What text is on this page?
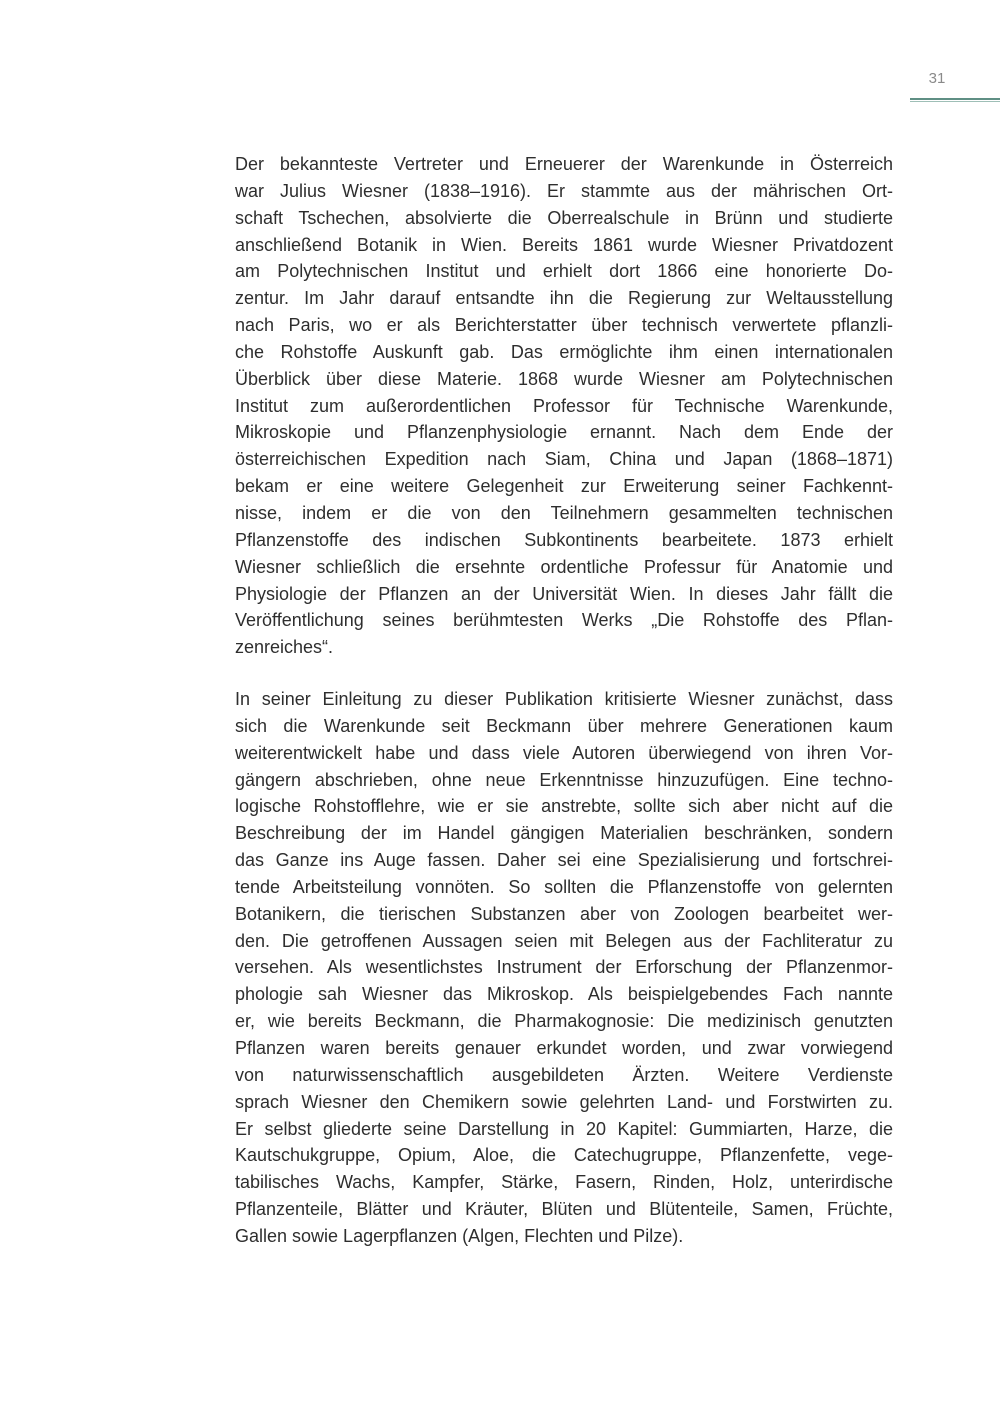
31
Der bekannteste Vertreter und Erneuerer der Warenkunde in Österreich
war Julius Wiesner (1838–1916). Er stammte aus der mährischen Ort-
schaft Tschechen, absolvierte die Oberrealschule in Brünn und studierte
anschließend Botanik in Wien. Bereits 1861 wurde Wiesner Privatdozent
am Polytechnischen Institut und erhielt dort 1866 eine honorierte Do-
zentur. Im Jahr darauf entsandte ihn die Regierung zur Weltausstellung
nach Paris, wo er als Berichterstatter über technisch verwertete pflanzli-
che Rohstoffe Auskunft gab. Das ermöglichte ihm einen internationalen
Überblick über diese Materie. 1868 wurde Wiesner am Polytechnischen
Institut zum außerordentlichen Professor für Technische Warenkunde,
Mikroskopie und Pflanzenphysiologie ernannt. Nach dem Ende der
österreichischen Expedition nach Siam, China und Japan (1868–1871)
bekam er eine weitere Gelegenheit zur Erweiterung seiner Fachkennt-
nisse, indem er die von den Teilnehmern gesammelten technischen
Pflanzenstoffe des indischen Subkontinents bearbeitete. 1873 erhielt
Wiesner schließlich die ersehnte ordentliche Professur für Anatomie und
Physiologie der Pflanzen an der Universität Wien. In dieses Jahr fällt die
Veröffentlichung seines berühmtesten Werks „Die Rohstoffe des Pflan-
zenreiches“.
In seiner Einleitung zu dieser Publikation kritisierte Wiesner zunächst, dass
sich die Warenkunde seit Beckmann über mehrere Generationen kaum
weiterentwickelt habe und dass viele Autoren überwiegend von ihren Vor-
gängern abschrieben, ohne neue Erkenntnisse hinzuzufügen. Eine techno-
logische Rohstofflehre, wie er sie anstrebte, sollte sich aber nicht auf die
Beschreibung der im Handel gängigen Materialien beschränken, sondern
das Ganze ins Auge fassen. Daher sei eine Spezialisierung und fortschrei-
tende Arbeitsteilung vonnöten. So sollten die Pflanzenstoffe von gelernten
Botanikern, die tierischen Substanzen aber von Zoologen bearbeitet wer-
den. Die getroffenen Aussagen seien mit Belegen aus der Fachliteratur zu
versehen. Als wesentlichstes Instrument der Erforschung der Pflanzenmor-
phologie sah Wiesner das Mikroskop. Als beispielgebendes Fach nannte
er, wie bereits Beckmann, die Pharmakognosie: Die medizinisch genutzten
Pflanzen waren bereits genauer erkundet worden, und zwar vorwiegend
von naturwissenschaftlich ausgebildeten Ärzten. Weitere Verdienste
sprach Wiesner den Chemikern sowie gelehrten Land- und Forstwirten zu.
Er selbst gliederte seine Darstellung in 20 Kapitel: Gummiarten, Harze, die
Kautschukgruppe, Opium, Aloe, die Catechugruppe, Pflanzenfette, vege-
tabilisches Wachs, Kampfer, Stärke, Fasern, Rinden, Holz, unterirdische
Pflanzenteile, Blätter und Kräuter, Blüten und Blütenteile, Samen, Früchte,
Gallen sowie Lagerpflanzen (Algen, Flechten und Pilze).
